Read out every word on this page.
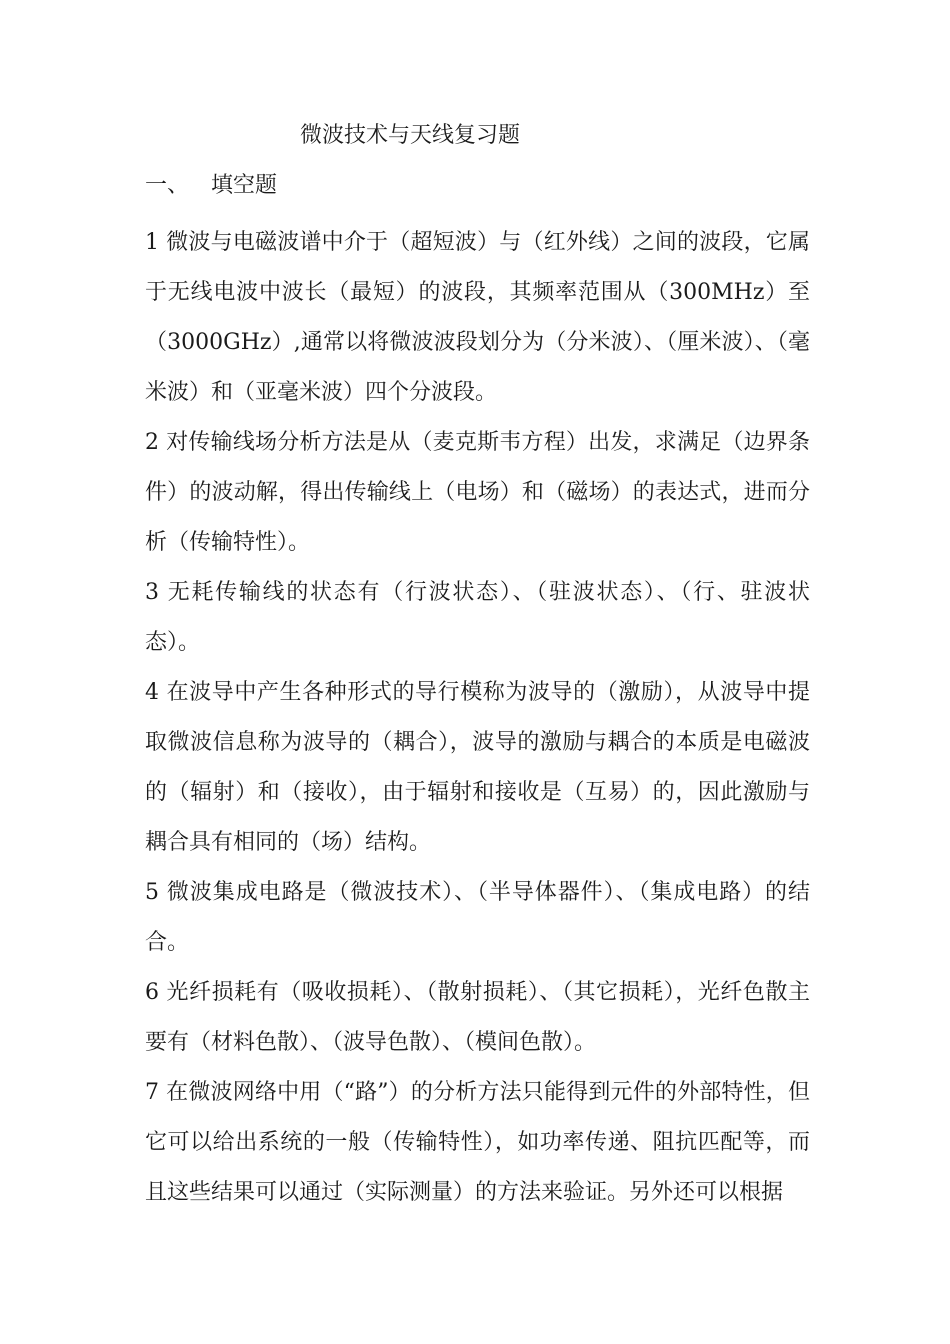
微波技术与天线复习题
一、 填空题

1 微波与电磁波谱中介于（超短波）与（红外线）之间的波段，它属于无线电波中波长（最短）的波段，其频率范围从（300MHz）至（3000GHz）,通常以将微波波段划分为（分米波）、（厘米波）、（毫米波）和（亚毫米波）四个分波段。

2 对传输线场分析方法是从（麦克斯韦方程）出发，求满足（边界条件）的波动解，得出传输线上（电场）和（磁场）的表达式，进而分析（传输特性）。

3 无耗传输线的状态有（行波状态）、（驻波状态）、（行、驻波状态）。

4 在波导中产生各种形式的导行模称为波导的（激励），从波导中提取微波信息称为波导的（耦合），波导的激励与耦合的本质是电磁波的（辐射）和（接收），由于辐射和接收是（互易）的，因此激励与耦合具有相同的（场）结构。

5 微波集成电路是（微波技术）、（半导体器件）、（集成电路）的结合。

6 光纤损耗有（吸收损耗）、（散射损耗）、（其它损耗），光纤色散主要有（材料色散）、（波导色散）、（模间色散）。

7 在微波网络中用（“路”）的分析方法只能得到元件的外部特性，但它可以给出系统的一般（传输特性），如功率传递、阻抗匹配等，而且这些结果可以通过（实际测量）的方法来验证。另外还可以根据
